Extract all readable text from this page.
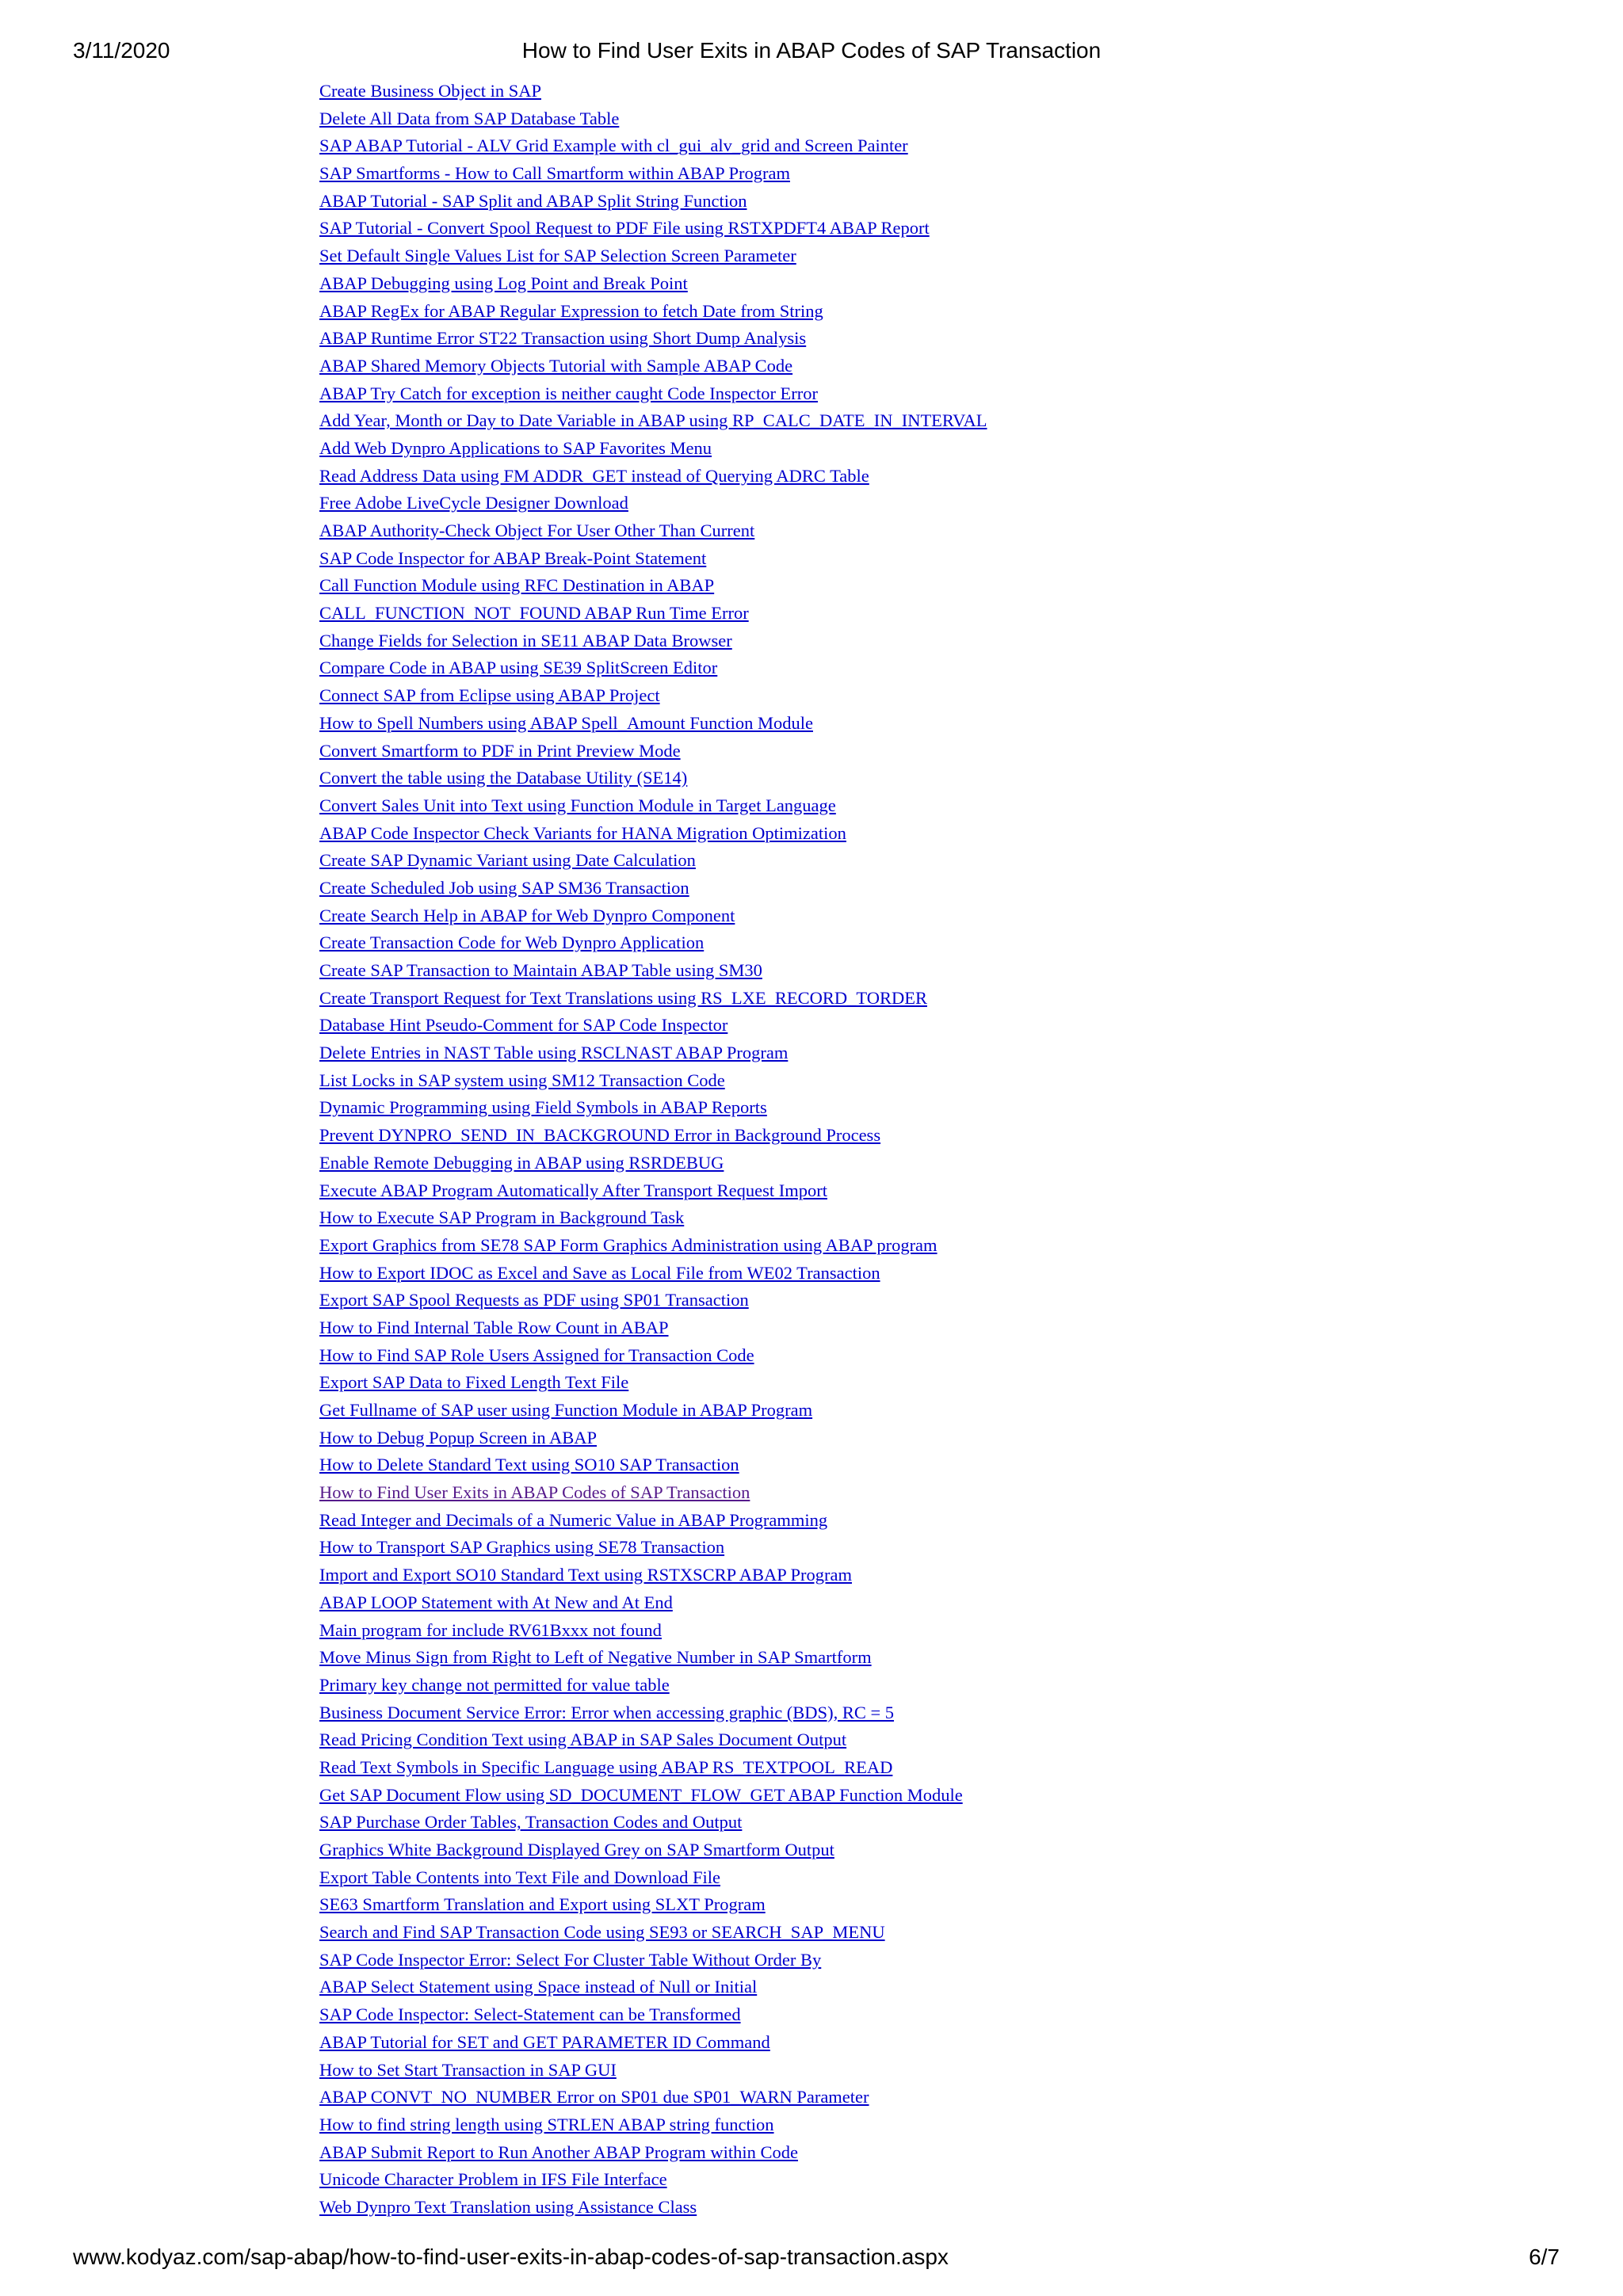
3/11/2020	How to Find User Exits in ABAP Codes of SAP Transaction
Create Business Object in SAP
Delete All Data from SAP Database Table
SAP ABAP Tutorial - ALV Grid Example with cl_gui_alv_grid and Screen Painter
SAP Smartforms - How to Call Smartform within ABAP Program
ABAP Tutorial - SAP Split and ABAP Split String Function
SAP Tutorial - Convert Spool Request to PDF File using RSTXPDFT4 ABAP Report
Set Default Single Values List for SAP Selection Screen Parameter
ABAP Debugging using Log Point and Break Point
ABAP RegEx for ABAP Regular Expression to fetch Date from String
ABAP Runtime Error ST22 Transaction using Short Dump Analysis
ABAP Shared Memory Objects Tutorial with Sample ABAP Code
ABAP Try Catch for exception is neither caught Code Inspector Error
Add Year, Month or Day to Date Variable in ABAP using RP_CALC_DATE_IN_INTERVAL
Add Web Dynpro Applications to SAP Favorites Menu
Read Address Data using FM ADDR_GET instead of Querying ADRC Table
Free Adobe LiveCycle Designer Download
ABAP Authority-Check Object For User Other Than Current
SAP Code Inspector for ABAP Break-Point Statement
Call Function Module using RFC Destination in ABAP
CALL_FUNCTION_NOT_FOUND ABAP Run Time Error
Change Fields for Selection in SE11 ABAP Data Browser
Compare Code in ABAP using SE39 SplitScreen Editor
Connect SAP from Eclipse using ABAP Project
How to Spell Numbers using ABAP Spell_Amount Function Module
Convert Smartform to PDF in Print Preview Mode
Convert the table using the Database Utility (SE14)
Convert Sales Unit into Text using Function Module in Target Language
ABAP Code Inspector Check Variants for HANA Migration Optimization
Create SAP Dynamic Variant using Date Calculation
Create Scheduled Job using SAP SM36 Transaction
Create Search Help in ABAP for Web Dynpro Component
Create Transaction Code for Web Dynpro Application
Create SAP Transaction to Maintain ABAP Table using SM30
Create Transport Request for Text Translations using RS_LXE_RECORD_TORDER
Database Hint Pseudo-Comment for SAP Code Inspector
Delete Entries in NAST Table using RSCLNAST ABAP Program
List Locks in SAP system using SM12 Transaction Code
Dynamic Programming using Field Symbols in ABAP Reports
Prevent DYNPRO_SEND_IN_BACKGROUND Error in Background Process
Enable Remote Debugging in ABAP using RSRDEBUG
Execute ABAP Program Automatically After Transport Request Import
How to Execute SAP Program in Background Task
Export Graphics from SE78 SAP Form Graphics Administration using ABAP program
How to Export IDOC as Excel and Save as Local File from WE02 Transaction
Export SAP Spool Requests as PDF using SP01 Transaction
How to Find Internal Table Row Count in ABAP
How to Find SAP Role Users Assigned for Transaction Code
Export SAP Data to Fixed Length Text File
Get Fullname of SAP user using Function Module in ABAP Program
How to Debug Popup Screen in ABAP
How to Delete Standard Text using SO10 SAP Transaction
How to Find User Exits in ABAP Codes of SAP Transaction
Read Integer and Decimals of a Numeric Value in ABAP Programming
How to Transport SAP Graphics using SE78 Transaction
Import and Export SO10 Standard Text using RSTXSCRP ABAP Program
ABAP LOOP Statement with At New and At End
Main program for include RV61Bxxx not found
Move Minus Sign from Right to Left of Negative Number in SAP Smartform
Primary key change not permitted for value table
Business Document Service Error: Error when accessing graphic (BDS), RC = 5
Read Pricing Condition Text using ABAP in SAP Sales Document Output
Read Text Symbols in Specific Language using ABAP RS_TEXTPOOL_READ
Get SAP Document Flow using SD_DOCUMENT_FLOW_GET ABAP Function Module
SAP Purchase Order Tables, Transaction Codes and Output
Graphics White Background Displayed Grey on SAP Smartform Output
Export Table Contents into Text File and Download File
SE63 Smartform Translation and Export using SLXT Program
Search and Find SAP Transaction Code using SE93 or SEARCH_SAP_MENU
SAP Code Inspector Error: Select For Cluster Table Without Order By
ABAP Select Statement using Space instead of Null or Initial
SAP Code Inspector: Select-Statement can be Transformed
ABAP Tutorial for SET and GET PARAMETER ID Command
How to Set Start Transaction in SAP GUI
ABAP CONVT_NO_NUMBER Error on SP01 due SP01_WARN Parameter
How to find string length using STRLEN ABAP string function
ABAP Submit Report to Run Another ABAP Program within Code
Unicode Character Problem in IFS File Interface
Web Dynpro Text Translation using Assistance Class
www.kodyaz.com/sap-abap/how-to-find-user-exits-in-abap-codes-of-sap-transaction.aspx	6/7
